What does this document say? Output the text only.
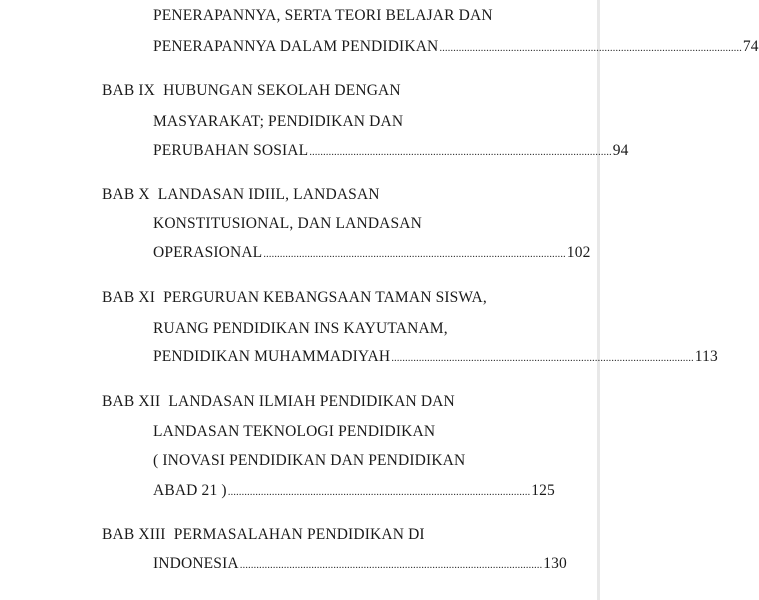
PENERAPANNYA, SERTA TEORI BELAJAR DAN
PENERAPANNYA DALAM PENDIDIKAN .............................................................................................................. 74
BAB IX HUBUNGAN SEKOLAH DENGAN
MASYARAKAT; PENDIDIKAN DAN
PERUBAHAN SOSIAL .............................................................................................................. 94
BAB X LANDASAN IDIIL, LANDASAN
KONSTITUSIONAL, DAN LANDASAN
OPERASIONAL .............................................................................................................. 102
BAB XI PERGURUAN KEBANGSAAN TAMAN SISWA,
RUANG PENDIDIKAN INS KAYUTANAM,
PENDIDIKAN MUHAMMADIYAH .............................................................................................................. 113
BAB XII LANDASAN ILMIAH PENDIDIKAN DAN
LANDASAN TEKNOLOGI PENDIDIKAN
( INOVASI PENDIDIKAN DAN PENDIDIKAN
ABAD 21 ) .............................................................................................................. 125
BAB XIII PERMASALAHAN PENDIDIKAN DI
INDONESIA .............................................................................................................. 130
